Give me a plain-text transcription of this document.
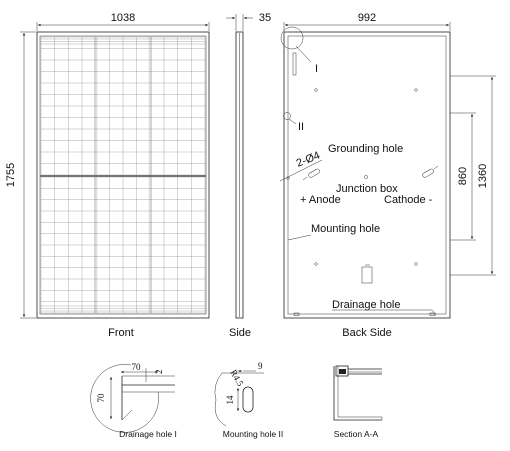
1038
1755
Front
35
Side
992
860 1360
I
II
Grounding hole
2-Ø4
Junction box
+ Anode	Cathode -
Mounting hole
Drainage hole
Back Side
70 2
70
Drainage hole I
9
R4.5
14
Mounting hole II	Section A-A
